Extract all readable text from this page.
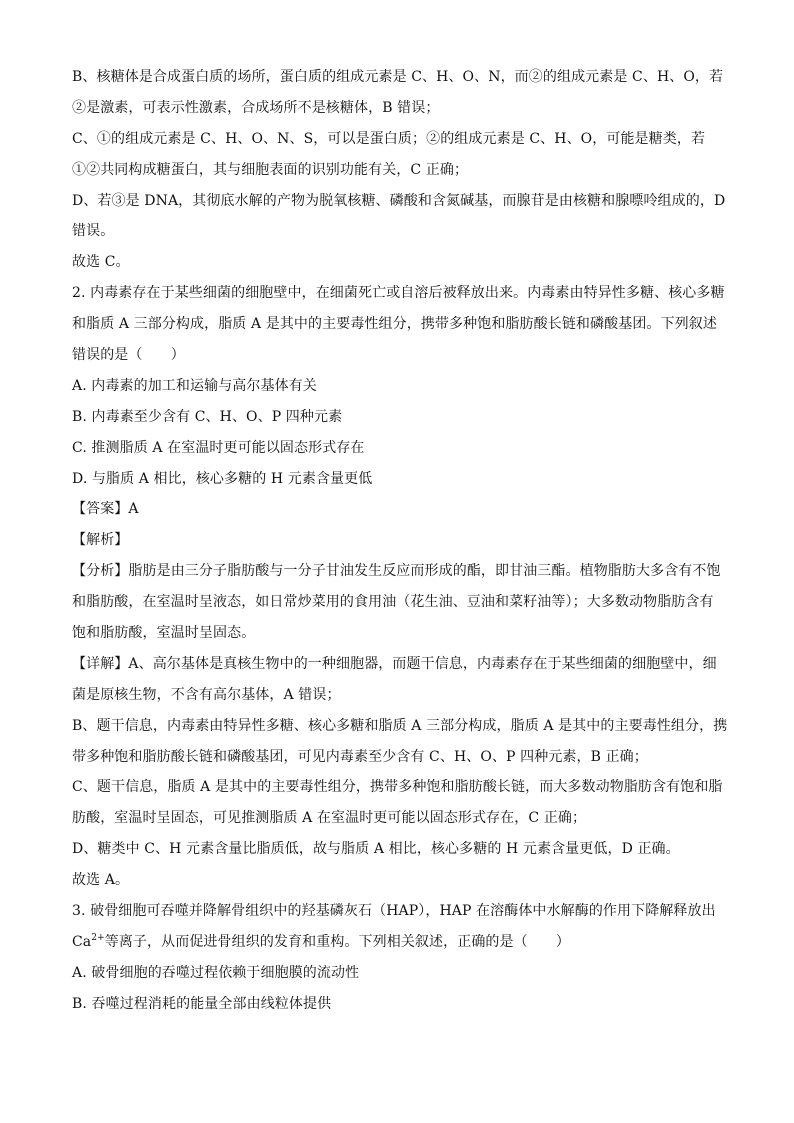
B、核糖体是合成蛋白质的场所，蛋白质的组成元素是 C、H、O、N，而②的组成元素是 C、H、O，若
②是激素，可表示性激素，合成场所不是核糖体，B 错误；
C、①的组成元素是 C、H、O、N、S，可以是蛋白质；②的组成元素是 C、H、O，可能是糖类，若
①②共同构成糖蛋白，其与细胞表面的识别功能有关，C 正确；
D、若③是 DNA，其彻底水解的产物为脱氧核糖、磷酸和含氮碱基，而腺苷是由核糖和腺嘌呤组成的，D
错误。
故选 C。
2. 内毒素存在于某些细菌的细胞壁中，在细菌死亡或自溶后被释放出来。内毒素由特异性多糖、核心多糖
和脂质 A 三部分构成，脂质 A 是其中的主要毒性组分，携带多种饱和脂肪酸长链和磷酸基团。下列叙述
错误的是（　　）
A. 内毒素的加工和运输与高尔基体有关
B. 内毒素至少含有 C、H、O、P 四种元素
C. 推测脂质 A 在室温时更可能以固态形式存在
D. 与脂质 A 相比，核心多糖的 H 元素含量更低
【答案】A
【解析】
【分析】脂肪是由三分子脂肪酸与一分子甘油发生反应而形成的酯，即甘油三酯。植物脂肪大多含有不饱
和脂肪酸，在室温时呈液态，如日常炒菜用的食用油（花生油、豆油和菜籽油等）；大多数动物脂肪含有
饱和脂肪酸，室温时呈固态。
【详解】A、高尔基体是真核生物中的一种细胞器，而题干信息，内毒素存在于某些细菌的细胞壁中，细
菌是原核生物，不含有高尔基体，A 错误；
B、题干信息，内毒素由特异性多糖、核心多糖和脂质 A 三部分构成，脂质 A 是其中的主要毒性组分，携
带多种饱和脂肪酸长链和磷酸基团，可见内毒素至少含有 C、H、O、P 四种元素，B 正确；
C、题干信息，脂质 A 是其中的主要毒性组分，携带多种饱和脂肪酸长链，而大多数动物脂肪含有饱和脂
肪酸，室温时呈固态，可见推测脂质 A 在室温时更可能以固态形式存在，C 正确；
D、糖类中 C、H 元素含量比脂质低，故与脂质 A 相比，核心多糖的 H 元素含量更低，D 正确。
故选 A。
3. 破骨细胞可吞噬并降解骨组织中的羟基磷灰石（HAP），HAP 在溶酶体中水解酶的作用下降解释放出
$Ca^{2+}$等离子，从而促进骨组织的发育和重构。下列相关叙述，正确的是（　　）
A. 破骨细胞的吞噬过程依赖于细胞膜的流动性
B. 吞噬过程消耗的能量全部由线粒体提供
